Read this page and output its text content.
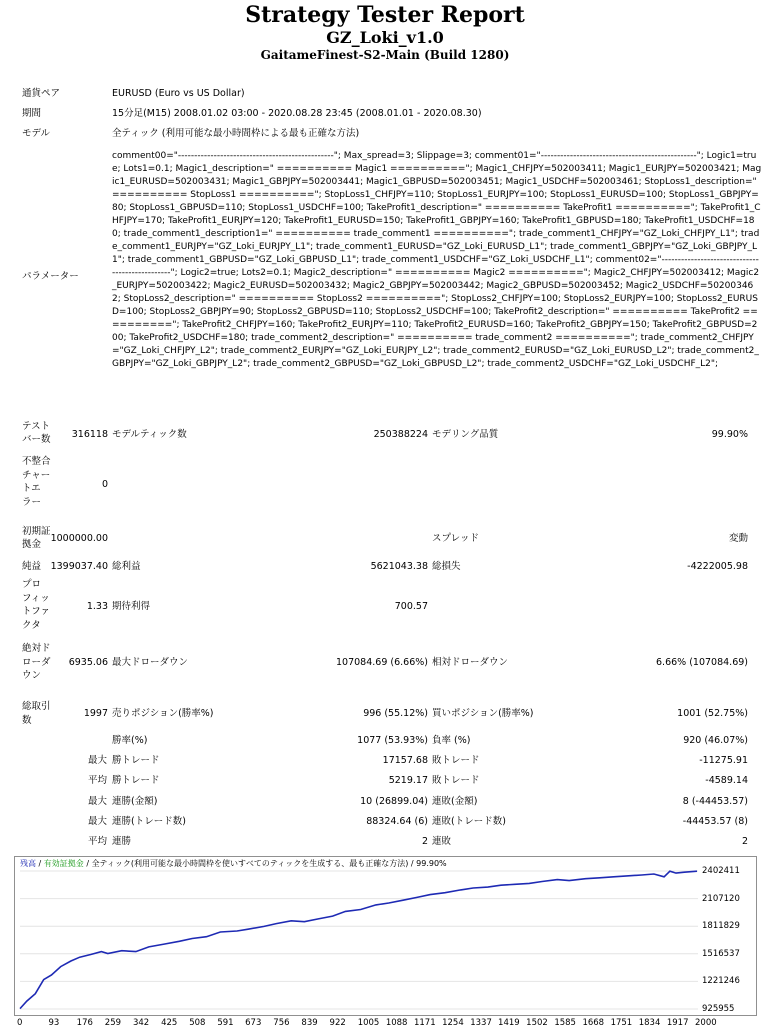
Strategy Tester Report
GZ_Loki_v1.0
GaitameFinest-S2-Main (Build 1280)
通貨ペア	EURUSD (Euro vs US Dollar)
期間	15分足(M15) 2008.01.02 03:00 - 2020.08.28 23:45 (2008.01.01 - 2020.08.30)
モデル	全ティック (利用可能な最小時間枠による最も正確な方法)
パラメーター
comment00="------------------------------------------------"; Max_spread=3; Slippage=3; comment01="------------------------------------------------"; Logic1=true; Lots1=0.1; Magic1_description=" ========== Magic1 =========="; Magic1_CHFJPY=502003411; Magic1_EURJPY=502003421; Magic1_EURUSD=502003431; Magic1_GBPJPY=502003441; Magic1_GBPUSD=502003451; Magic1_USDCHF=502003461; StopLoss1_description=" ========== StopLoss1 =========="; StopLoss1_CHFJPY=110; StopLoss1_EURJPY=100; StopLoss1_EURUSD=100; StopLoss1_GBPJPY=80; StopLoss1_GBPUSD=110; StopLoss1_USDCHF=100; TakeProfit1_description=" ========== TakeProfit1 =========="; TakeProfit1_CHFJPY=170; TakeProfit1_EURJPY=120; TakeProfit1_EURUSD=150; TakeProfit1_GBPJPY=160; TakeProfit1_GBPUSD=180; TakeProfit1_USDCHF=180; trade_comment1_description1=" ========== trade_comment1 =========="; trade_comment1_CHFJPY="GZ_Loki_CHFJPY_L1"; trade_comment1_EURJPY="GZ_Loki_EURJPY_L1"; trade_comment1_EURUSD="GZ_Loki_EURUSD_L1"; trade_comment1_GBPJPY="GZ_Loki_GBPJPY_L1"; trade_comment1_GBPUSD="GZ_Loki_GBPUSD_L1"; trade_comment1_USDCHF="GZ_Loki_USDCHF_L1"; comment02="------------------------------------------------"; Logic2=true; Lots2=0.1; Magic2_description=" ========== Magic2 =========="; Magic2_CHFJPY=502003412; Magic2_EURJPY=502003422; Magic2_EURUSD=502003432; Magic2_GBPJPY=502003442; Magic2_GBPUSD=502003452; Magic2_USDCHF=502003462; StopLoss2_description=" ========== StopLoss2 =========="; StopLoss2_CHFJPY=100; StopLoss2_EURJPY=100; StopLoss2_EURUSD=100; StopLoss2_GBPJPY=90; StopLoss2_GBPUSD=110; StopLoss2_USDCHF=100; TakeProfit2_description=" ========== TakeProfit2 =========="; TakeProfit2_CHFJPY=160; TakeProfit2_EURJPY=110; TakeProfit2_EURUSD=160; TakeProfit2_GBPJPY=150; TakeProfit2_GBPUSD=200; TakeProfit2_USDCHF=180; trade_comment2_description=" ========== trade_comment2 =========="; trade_comment2_CHFJPY="GZ_Loki_CHFJPY_L2"; trade_comment2_EURJPY="GZ_Loki_EURJPY_L2"; trade_comment2_EURUSD="GZ_Loki_EURUSD_L2"; trade_comment2_GBPJPY="GZ_Loki_GBPJPY_L2"; trade_comment2_GBPUSD="GZ_Loki_GBPUSD_L2"; trade_comment2_USDCHF="GZ_Loki_USDCHF_L2";
テスト
バー数	316118 モデルティック数	250388224 モデリング品質	99.90%
不整合
チャー
トエ
ラー
0
初期証
拠金
1000000.00	スプレッド	変動
純益 1399037.40 総利益	5621043.38 総損失	-4222005.98
プロ
フィッ
トファ
クタ
1.33 期待利得	700.57
絶対ド
ローダ
ウン
6935.06 最大ドローダウン	107084.69 (6.66%) 相対ドローダウン	6.66% (107084.69)
総取引
数
1997 売りポジション(勝率%)	996 (55.12%) 買いポジション(勝率%)	1001 (52.75%)
勝率(%)	1077 (53.93%) 負率 (%)	920 (46.07%)
最大 勝トレード	17157.68 敗トレード	-11275.91
平均 勝トレード	5219.17 敗トレード	-4589.14
最大 連勝(金額)	10 (26899.04) 連敗(金額)	8 (-44453.57)
最大 連勝(トレード数)	88324.64 (6) 連敗(トレード数)	-44453.57 (8)
平均 連勝	2 連敗	2
残高 / 有効証拠金 / 全ティック(利用可能な最小時間枠を使いすべてのティックを生成する、最も正確な方法) / 99.90%
925955
1221246
1516537
1811829
2107120
2402411
0	93 176 259 342 425 508 591 673 756 839 922 1005 1088 1171 1254 1337 1419 1502 1585 1668 1751 1834 1917 2000
